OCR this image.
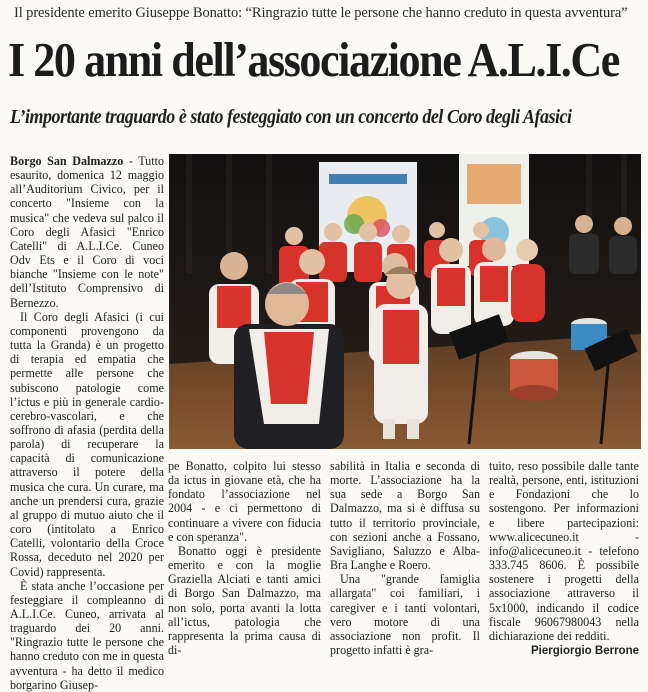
Il presidente emerito Giuseppe Bonatto: “Ringrazio tutte le persone che hanno creduto in questa avventura”
I 20 anni dell’associazione A.L.I.Ce
L’importante traguardo è stato festeggiato con un concerto del Coro degli Afasici

Borgo San Dalmazzo - Tutto esaurito, domenica 12 maggio all’Auditorium Civico, per il concerto "Insieme con la musica" che vedeva sul palco il Coro degli Afasici "Enrico Catelli" di A.L.I.Ce. Cuneo Odv Ets e il Coro di voci bianche "Insieme con le note" dell’Istituto Comprensivo di Bernezzo.

Il Coro degli Afasici (i cui componenti provengono da tutta la Granda) è un progetto di terapia ed empatia che permette alle persone che subiscono patologie come l’ictus e più in generale cardio-cerebro-vascolari, e che soffrono di afasia (perdita della parola) di recuperare la capacità di comunicazione attraverso il potere della musica che cura. Un curare, ma anche un prendersi cura, grazie al gruppo di mutuo aiuto che il coro (intitolato a Enrico Catelli, volontario della Croce Rossa, deceduto nel 2020 per Covid) rappresenta.

È stata anche l’occasione per festeggiare il compleanno di A.L.I.Ce. Cuneo, arrivata al traguardo dei 20 anni. "Ringrazio tutte le persone che hanno creduto con me in questa avventura - ha detto il medico borgarino Giusep-

pe Bonatto, colpito lui stesso da ictus in giovane età, che ha fondato l’associazione nel 2004 - e ci permettono di continuare a vivere con fiducia e con speranza".

Bonatto oggi è presidente emerito e con la moglie Graziella Alciati e tanti amici di Borgo San Dalmazzo, ma non solo, porta avanti la lotta all’ictus, patologia che rappresenta la prima causa di di-

sabilità in Italia e seconda di morte. L’associazione ha la sua sede a Borgo San Dalmazzo, ma si è diffusa su tutto il territorio provinciale, con sezioni anche a Fossano, Savigliano, Saluzzo e Alba-Bra Langhe e Roero.

Una "grande famiglia allargata" coi familiari, i caregiver e i tanti volontari, vero motore di una associazione non profit. Il progetto infatti è gra-

tuito, reso possibile dalle tante realtà, persone, enti, istituzioni e Fondazioni che lo sostengono. Per informazioni e libere partecipazioni: www.alicecuneo.it - info@alicecuneo.it - telefono 333.745 8606. È possibile sostenere i progetti della associazione attraverso il 5x1000, indicando il codice fiscale 96067980043 nella dichiarazione dei redditi.

Piergiorgio Berrone
